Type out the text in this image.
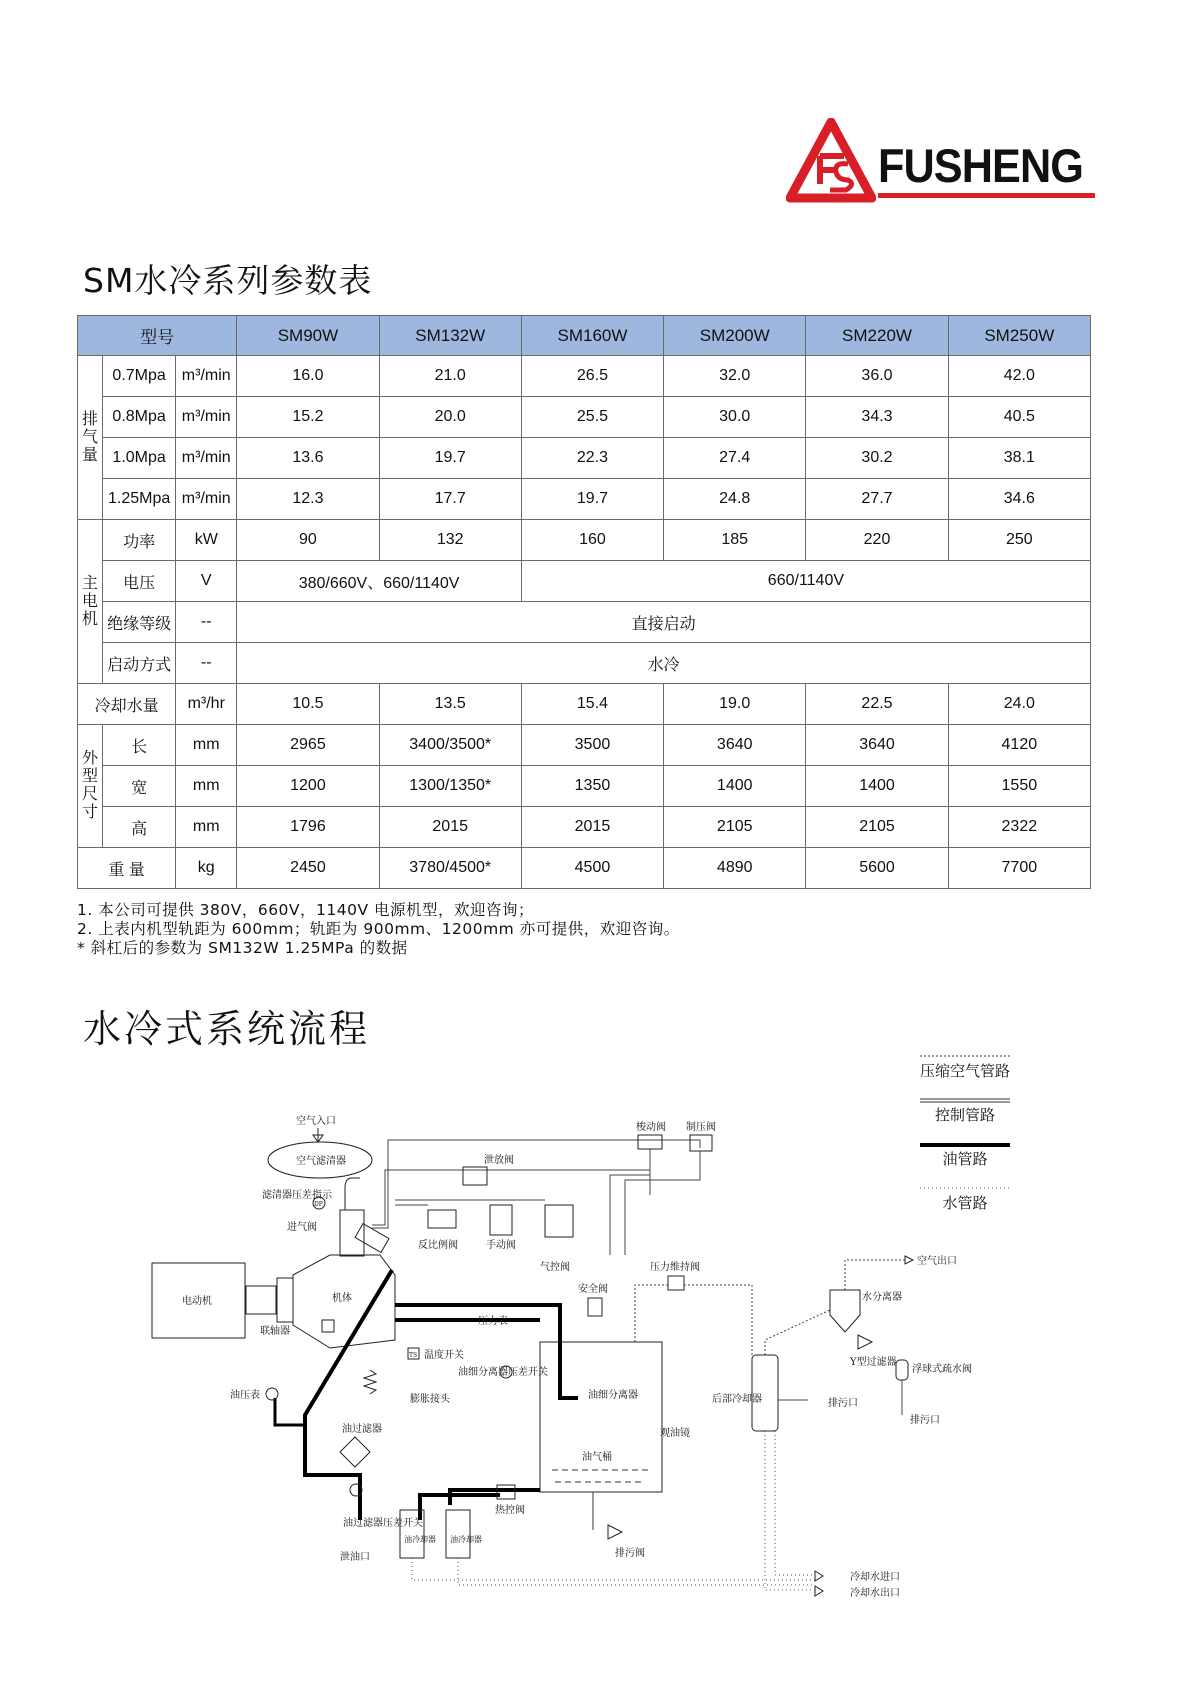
FUSHENG
SM水冷系列参数表
型号			SM90W	SM132W	SM160W	SM200W	SM220W	SM250W

排
气
量	0.7Mpa	m³/min	16.0	21.0	26.5	32.0	36.0	42.0
	0.8Mpa	m³/min	15.2	20.0	25.5	30.0	34.3	40.5
	1.0Mpa	m³/min	13.6	19.7	22.3	27.4	30.2	38.1
	1.25Mpa	m³/min	12.3	17.7	19.7	24.8	27.7	34.6

主
电
机	功率	kW	90	132	160	185	220	250
	电压	V	380/660V、660/1140V		660/1140V			
	绝缘等级	--	直接启动					
	启动方式	--	水冷					
冷却水量		m³/hr	10.5	13.5	15.4	19.0	22.5	24.0

外
型
尺
寸	长	mm	2965	3400/3500*	3500	3640	3640	4120
	宽	mm	1200	1300/1350*	1350	1400	1400	1550
	高	mm	1796	2015	2015	2105	2105	2322
重 量		kg	2450	3780/4500*	4500	4890	5600	7700
1. 本公司可提供 380V，660V，1140V 电源机型，欢迎咨询；
2. 上表内机型轨距为 600mm；轨距为 900mm、1200mm 亦可提供，欢迎咨询。
* 斜杠后的参数为 SM132W 1.25MPa 的数据
水冷式系统流程
压缩空气管路
控制管路
油管路
水管路
电动机
联轴器
机体
进气阀
空气滤清器
空气入口
DP
滤清器压差指示
梭动阀 制压阀
泄放阀
反比例阀	手动阀
气控阀
安全阀
油细分离器
油气桶
观油镜
油过滤器
油过滤器压差开关
泄油口
油冷却器 油冷却器
热控阀
排污阀
压力表
TS 温度开关
油细分离器压差开关
膨胀接头
油压表
压力维持阀
后部冷却器	排污口
水分离器
空气出口
Y型过滤器
浮球式疏水阀
排污口
冷却水进口
冷却水出口
